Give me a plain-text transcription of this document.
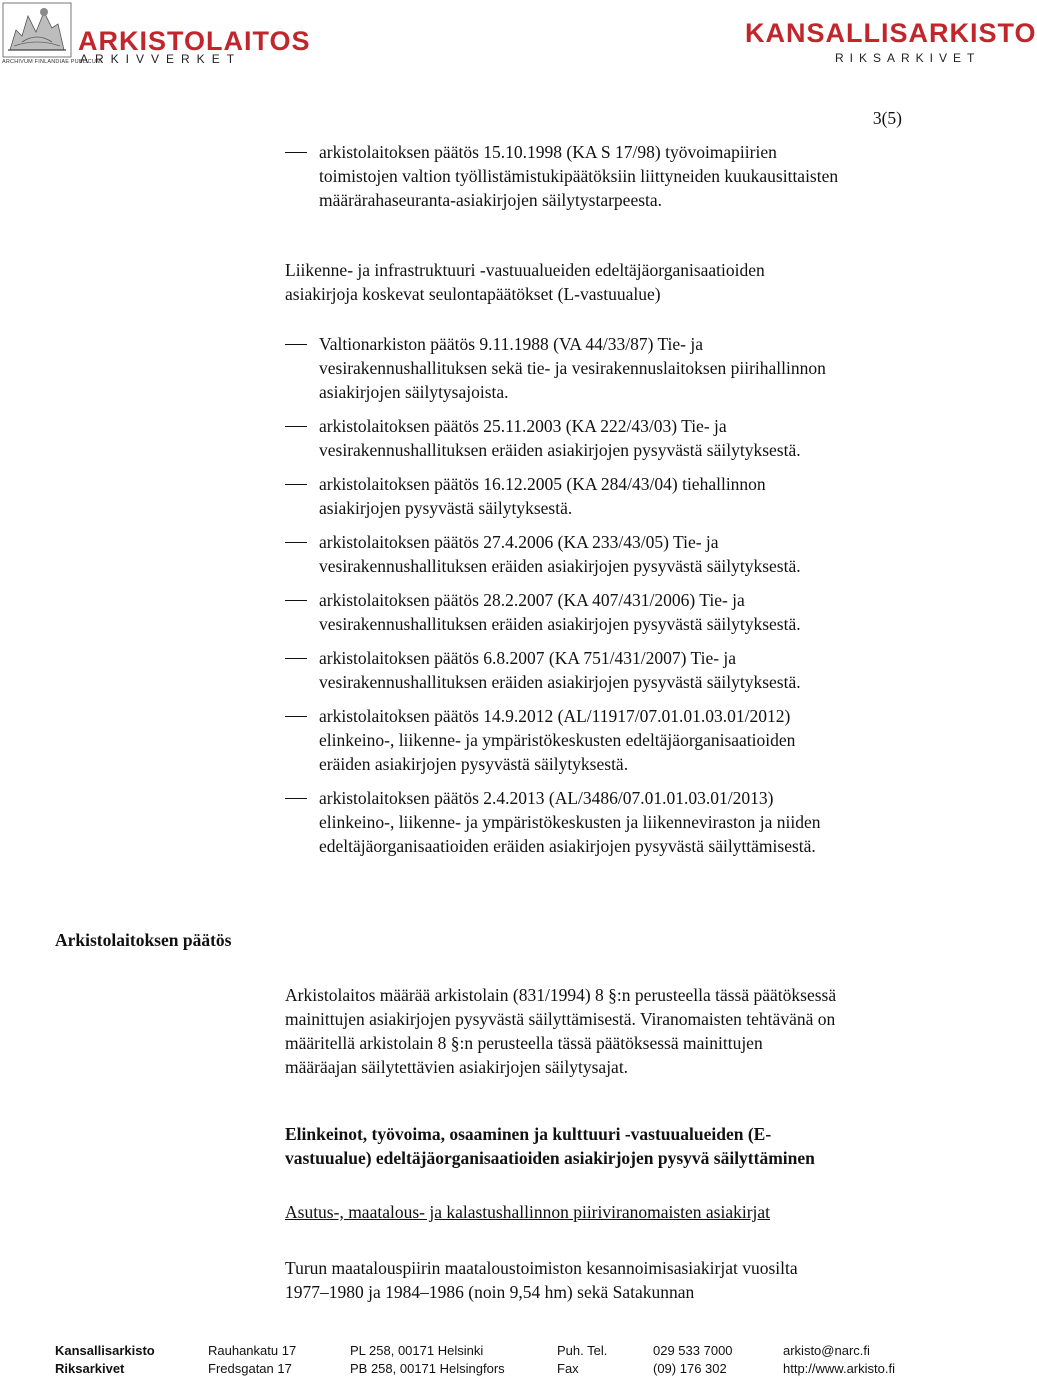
ARKISTOLAITOS
ARKIVVERKET
ARCHIVUM FINLANDIAE PUBLICUM
KANSALLISARKISTO
RIKSARKIVET
3(5)
arkistolaitoksen päätös 15.10.1998 (KA S 17/98) työvoimapiirien
toimistojen valtion työllistämistukipäätöksiin liittyneiden kuukausittaisten
määrärahaseuranta-asiakirjojen säilytystarpeesta.
Liikenne- ja infrastruktuuri -vastuualueiden edeltäjäorganisaatioiden
asiakirjoja koskevat seulontapäätökset (L-vastuualue)
Valtionarkiston päätös 9.11.1988 (VA 44/33/87) Tie- ja
vesirakennushallituksen sekä tie- ja vesirakennuslaitoksen piirihallinnon
asiakirjojen säilytysajoista.
arkistolaitoksen päätös 25.11.2003 (KA 222/43/03) Tie- ja
vesirakennushallituksen eräiden asiakirjojen pysyvästä säilytyksestä.
arkistolaitoksen päätös 16.12.2005 (KA 284/43/04) tiehallinnon
asiakirjojen pysyvästä säilytyksestä.
arkistolaitoksen päätös 27.4.2006 (KA 233/43/05) Tie- ja
vesirakennushallituksen eräiden asiakirjojen pysyvästä säilytyksestä.
arkistolaitoksen päätös 28.2.2007 (KA 407/431/2006) Tie- ja
vesirakennushallituksen eräiden asiakirjojen pysyvästä säilytyksestä.
arkistolaitoksen päätös 6.8.2007 (KA 751/431/2007) Tie- ja
vesirakennushallituksen eräiden asiakirjojen pysyvästä säilytyksestä.
arkistolaitoksen päätös 14.9.2012 (AL/11917/07.01.01.03.01/2012)
elinkeino-, liikenne- ja ympäristökeskusten edeltäjäorganisaatioiden
eräiden asiakirjojen pysyvästä säilytyksestä.
arkistolaitoksen päätös 2.4.2013 (AL/3486/07.01.01.03.01/2013)
elinkeino-, liikenne- ja ympäristökeskusten ja liikenneviraston ja niiden
edeltäjäorganisaatioiden eräiden asiakirjojen pysyvästä säilyttämisestä.
Arkistolaitoksen päätös
Arkistolaitos määrää arkistolain (831/1994) 8 §:n perusteella tässä päätöksessä
mainittujen asiakirjojen pysyvästä säilyttämisestä. Viranomaisten tehtävänä on
määritellä arkistolain 8 §:n perusteella tässä päätöksessä mainittujen
määräajan säilytettävien asiakirjojen säilytysajat.
Elinkeinot, työvoima, osaaminen ja kulttuuri -vastuualueiden (E-
vastuualue) edeltäjäorganisaatioiden asiakirjojen pysyvä säilyttäminen
Asutus-, maatalous- ja kalastushallinnon piiriviranomaisten asiakirjat
Turun maatalouspiirin maataloustoimiston kesannoimisasiakirjat vuosilta
1977–1980 ja 1984–1986 (noin 9,54 hm) sekä Satakunnan
Kansallisarkisto	Rauhankatu 17	PL 258, 00171 Helsinki	Puh. Tel.	029 533 7000	arkisto@narc.fi
Riksarkivet	Fredsgatan 17	PB 258, 00171 Helsingfors	Fax	(09) 176 302	http://www.arkisto.fi
